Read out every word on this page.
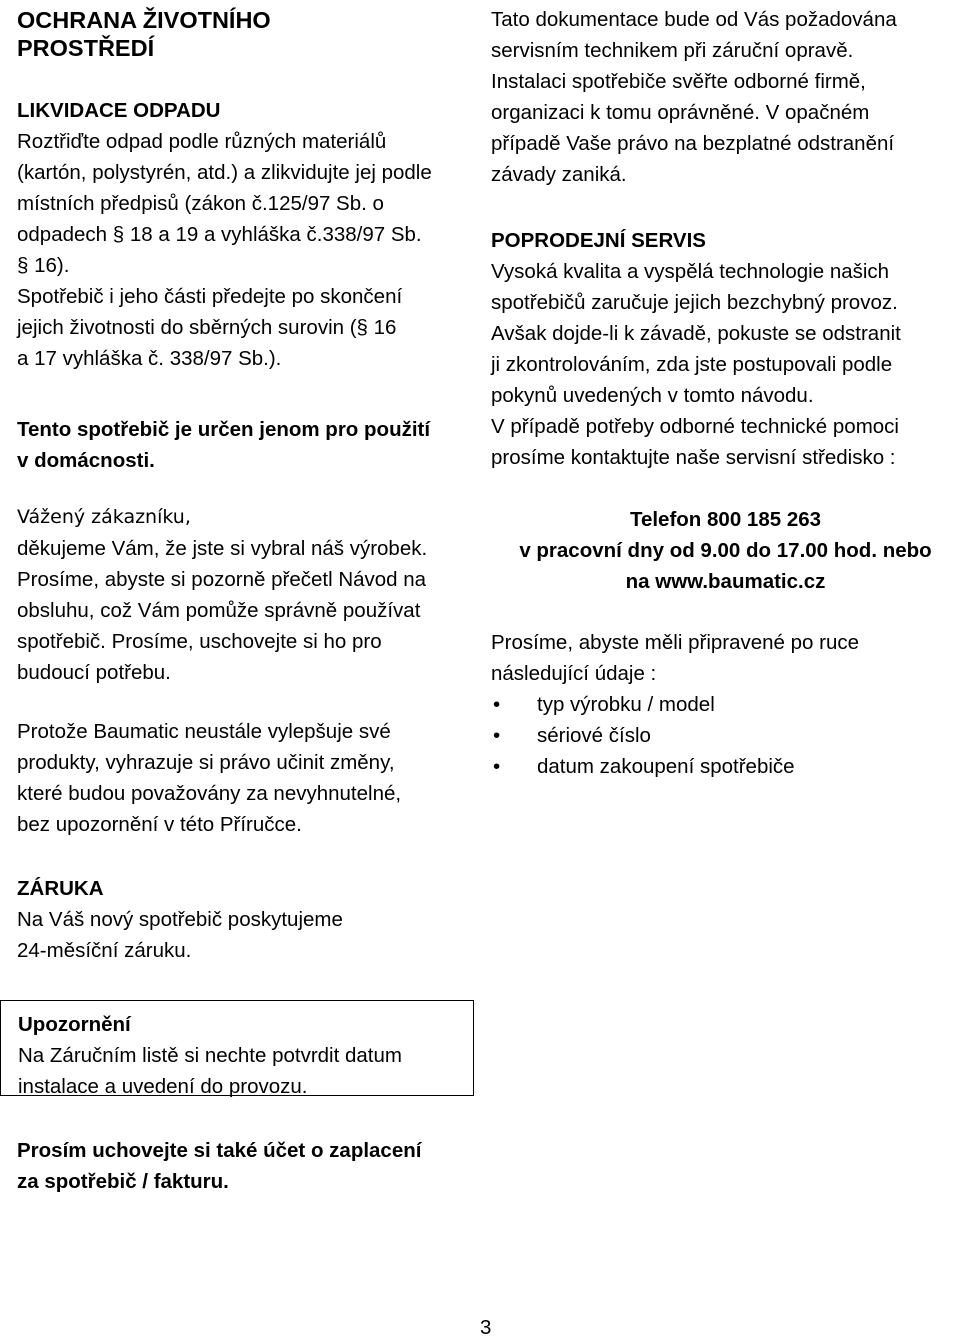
OCHRANA ŽIVOTNÍHO
PROSTŘEDÍ
LIKVIDACE ODPADU
Roztřiďte odpad podle různých materiálů
(kartón, polystyrén, atd.) a zlikvidujte jej podle
místních předpisů (zákon č.125/97 Sb. o
odpadech § 18 a 19 a vyhláška č.338/97 Sb.
§ 16).
Spotřebič i jeho části předejte po skončení
jejich životnosti do sběrných surovin (§ 16
a 17 vyhláška č. 338/97 Sb.).
Tento spotřebič je určen jenom pro použití
v domácnosti.
Vážený zákazníku,
děkujeme Vám, že jste si vybral náš výrobek.
Prosíme, abyste si pozorně přečetl Návod na
obsluhu, což Vám pomůže správně používat
spotřebič. Prosíme, uschovejte si ho pro
budoucí potřebu.
Protože Baumatic neustále vylepšuje své
produkty, vyhrazuje si právo učinit změny,
které budou považovány za nevyhnutelné,
bez upozornění v této Příručce.
ZÁRUKA
Na Váš nový spotřebič poskytujeme
24-měsíční záruku.
Upozornění
Na Záručním listě si nechte potvrdit datum
instalace a uvedení do provozu.
Prosím uchovejte si také účet o zaplacení
za spotřebič / fakturu.
Tato dokumentace bude od Vás požadována
servisním technikem při záruční opravě.
Instalaci spotřebiče svěřte odborné firmě,
organizaci k tomu oprávněné. V opačném
případě Vaše právo na bezplatné odstranění
závady zaniká.
POPRODEJNÍ SERVIS
Vysoká kvalita a vyspělá technologie našich
spotřebičů zaručuje jejich bezchybný provoz.
Avšak dojde-li k závadě, pokuste se odstranit
ji zkontrolováním, zda jste postupovali podle
pokynů uvedených v tomto návodu.
V případě potřeby odborné technické pomoci
prosíme kontaktujte naše servisní středisko :
Telefon 800 185 263
v pracovní dny od 9.00 do 17.00 hod. nebo
na www.baumatic.cz
Prosíme, abyste měli připravené po ruce
následující údaje :
• typ výrobku / model
• sériové číslo
• datum zakoupení spotřebiče
3
